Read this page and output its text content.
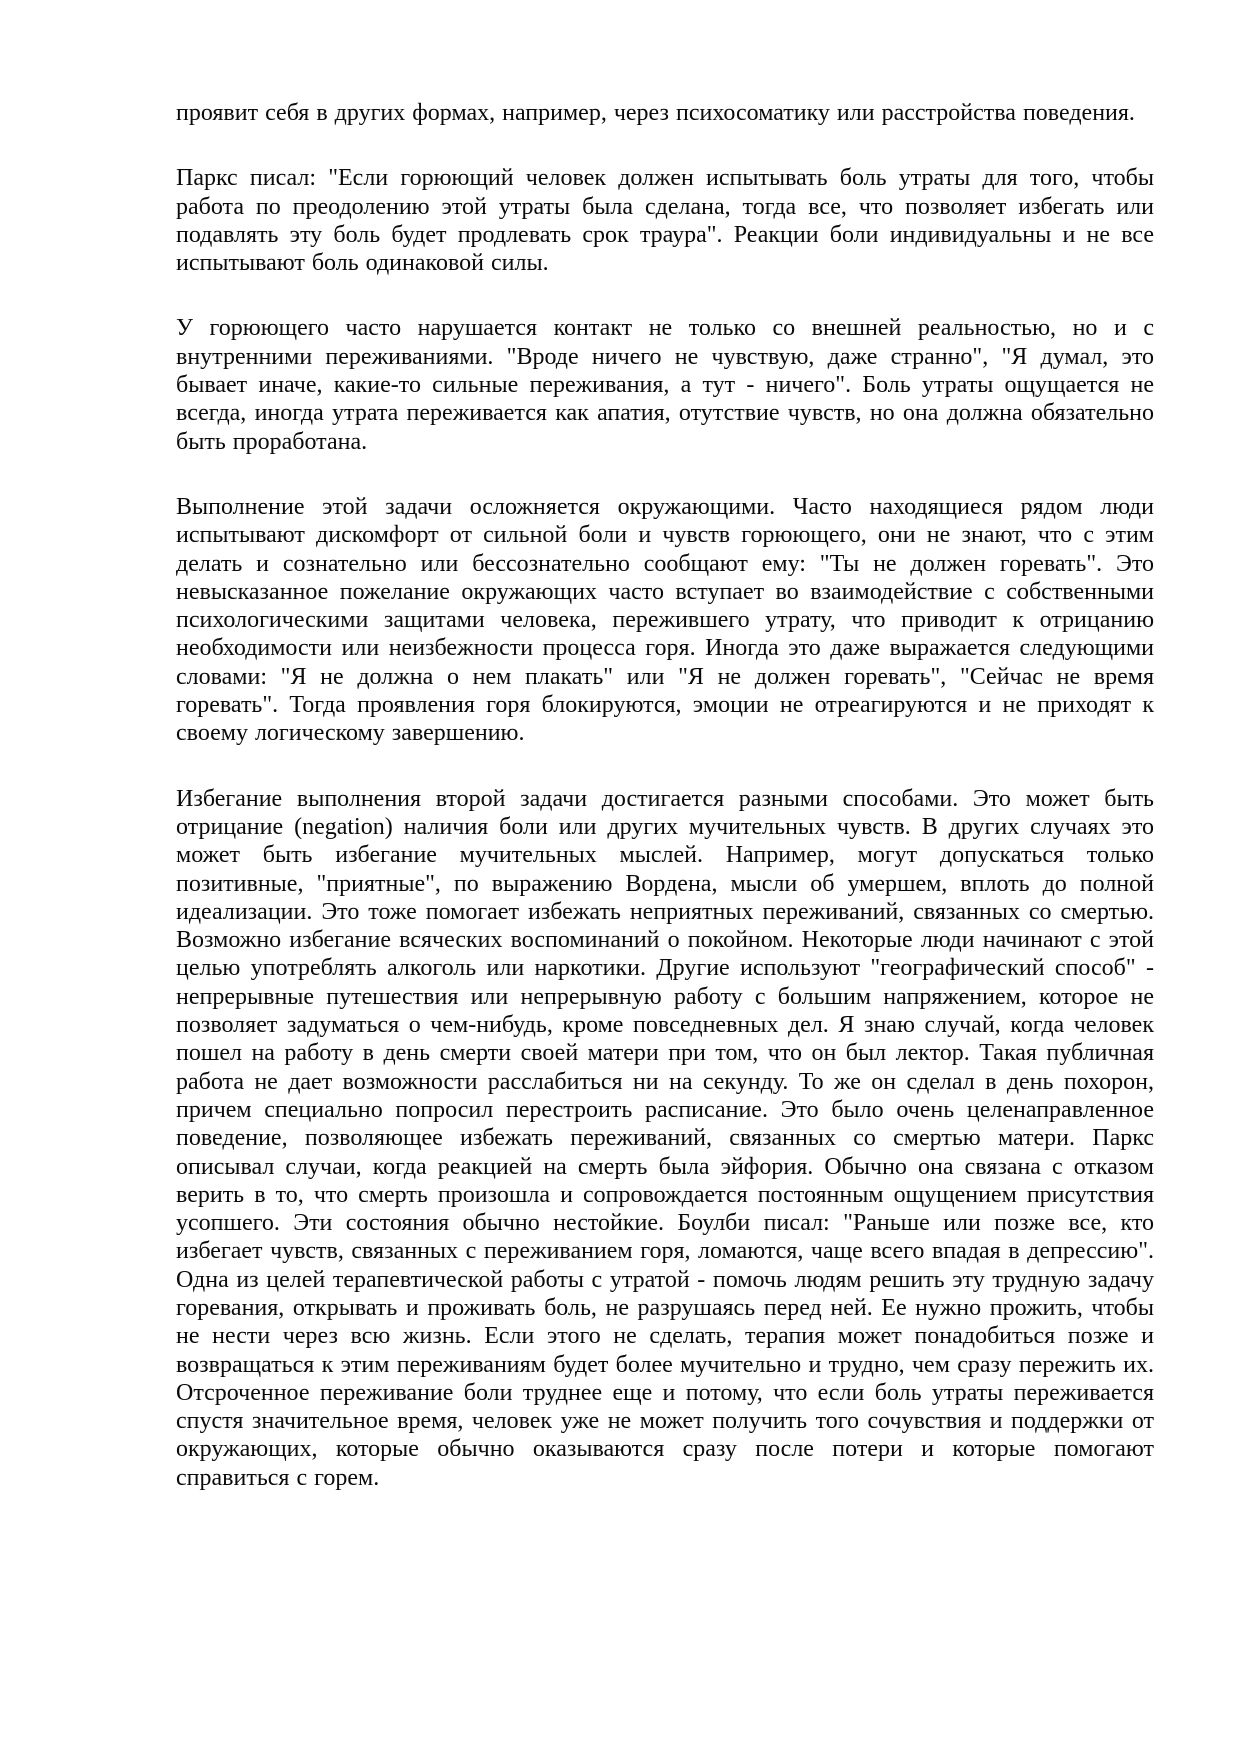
проявит себя в других формах, например, через психосоматику или расстройства поведения.

Паркс писал: "Если горюющий человек должен испытывать боль утраты для того, чтобы работа по преодолению этой утраты была сделана, тогда все, что позволяет избегать или подавлять эту боль будет продлевать срок траура". Реакции боли индивидуальны и не все испытывают боль одинаковой силы.

У горюющего часто нарушается контакт не только со внешней реальностью, но и с внутренними переживаниями. "Вроде ничего не чувствую, даже странно", "Я думал, это бывает иначе, какие-то сильные переживания, а тут - ничего". Боль утраты ощущается не всегда, иногда утрата переживается как апатия, отутствие чувств, но она должна обязательно быть проработана.

Выполнение этой задачи осложняется окружающими. Часто находящиеся рядом люди испытывают дискомфорт от сильной боли и чувств горюющего, они не знают, что с этим делать и сознательно или бессознательно сообщают ему: "Ты не должен горевать". Это невысказанное пожелание окружающих часто вступает во взаимодействие с собственными психологическими защитами человека, пережившего утрату, что приводит к отрицанию необходимости или неизбежности процесса горя. Иногда это даже выражается следующими словами: "Я не должна о нем плакать" или "Я не должен горевать", "Сейчас не время горевать". Тогда проявления горя блокируются, эмоции не отреагируются и не приходят к своему логическому завершению.

Избегание выполнения второй задачи достигается разными способами. Это может быть отрицание (negation) наличия боли или других мучительных чувств. В других случаях это может быть избегание мучительных мыслей. Например, могут допускаться только позитивные, "приятные", по выражению Вордена, мысли об умершем, вплоть до полной идеализации. Это тоже помогает избежать неприятных переживаний, связанных со смертью. Возможно избегание всяческих воспоминаний о покойном. Некоторые люди начинают с этой целью употреблять алкоголь или наркотики. Другие используют "географический способ" - непрерывные путешествия или непрерывную работу с большим напряжением, которое не позволяет задуматься о чем-нибудь, кроме повседневных дел. Я знаю случай, когда человек пошел на работу в день смерти своей матери при том, что он был лектор. Такая публичная работа не дает возможности расслабиться ни на секунду. То же он сделал в день похорон, причем специально попросил перестроить расписание. Это было очень целенаправленное поведение, позволяющее избежать переживаний, связанных со смертью матери. Паркс описывал случаи, когда реакцией на смерть была эйфория. Обычно она связана с отказом верить в то, что смерть произошла и сопровождается постоянным ощущением присутствия усопшего. Эти состояния обычно нестойкие. Боулби писал: "Раньше или позже все, кто избегает чувств, связанных с переживанием горя, ломаются, чаще всего впадая в депрессию". Одна из целей терапевтической работы с утратой - помочь людям решить эту трудную задачу горевания, открывать и проживать боль, не разрушаясь перед ней. Ее нужно прожить, чтобы не нести через всю жизнь. Если этого не сделать, терапия может понадобиться позже и возвращаться к этим переживаниям будет более мучительно и трудно, чем сразу пережить их. Отсроченное переживание боли труднее еще и потому, что если боль утраты переживается спустя значительное время, человек уже не может получить того сочувствия и поддержки от окружающих, которые обычно оказываются сразу после потери и которые помогают справиться с горем.
